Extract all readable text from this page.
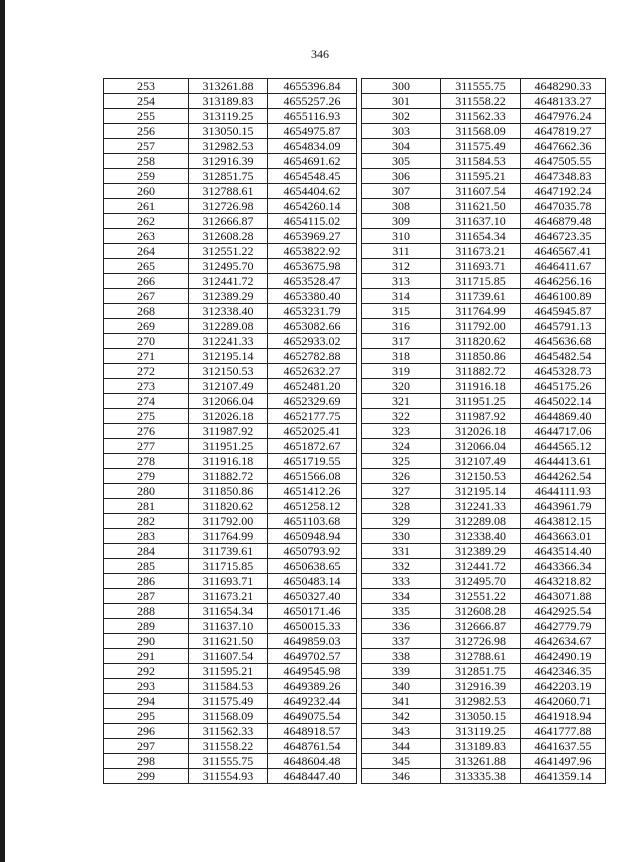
346
253	313261.88	4655396.84		300	311555.75	4648290.33
254	313189.83	4655257.26		301	311558.22	4648133.27
255	313119.25	4655116.93		302	311562.33	4647976.24
256	313050.15	4654975.87		303	311568.09	4647819.27
257	312982.53	4654834.09		304	311575.49	4647662.36
258	312916.39	4654691.62		305	311584.53	4647505.55
259	312851.75	4654548.45		306	311595.21	4647348.83
260	312788.61	4654404.62		307	311607.54	4647192.24
261	312726.98	4654260.14		308	311621.50	4647035.78
262	312666.87	4654115.02		309	311637.10	4646879.48
263	312608.28	4653969.27		310	311654.34	4646723.35
264	312551.22	4653822.92		311	311673.21	4646567.41
265	312495.70	4653675.98		312	311693.71	4646411.67
266	312441.72	4653528.47		313	311715.85	4646256.16
267	312389.29	4653380.40		314	311739.61	4646100.89
268	312338.40	4653231.79		315	311764.99	4645945.87
269	312289.08	4653082.66		316	311792.00	4645791.13
270	312241.33	4652933.02		317	311820.62	4645636.68
271	312195.14	4652782.88		318	311850.86	4645482.54
272	312150.53	4652632.27		319	311882.72	4645328.73
273	312107.49	4652481.20		320	311916.18	4645175.26
274	312066.04	4652329.69		321	311951.25	4645022.14
275	312026.18	4652177.75		322	311987.92	4644869.40
276	311987.92	4652025.41		323	312026.18	4644717.06
277	311951.25	4651872.67		324	312066.04	4644565.12
278	311916.18	4651719.55		325	312107.49	4644413.61
279	311882.72	4651566.08		326	312150.53	4644262.54
280	311850.86	4651412.26		327	312195.14	4644111.93
281	311820.62	4651258.12		328	312241.33	4643961.79
282	311792.00	4651103.68		329	312289.08	4643812.15
283	311764.99	4650948.94		330	312338.40	4643663.01
284	311739.61	4650793.92		331	312389.29	4643514.40
285	311715.85	4650638.65		332	312441.72	4643366.34
286	311693.71	4650483.14		333	312495.70	4643218.82
287	311673.21	4650327.40		334	312551.22	4643071.88
288	311654.34	4650171.46		335	312608.28	4642925.54
289	311637.10	4650015.33		336	312666.87	4642779.79
290	311621.50	4649859.03		337	312726.98	4642634.67
291	311607.54	4649702.57		338	312788.61	4642490.19
292	311595.21	4649545.98		339	312851.75	4642346.35
293	311584.53	4649389.26		340	312916.39	4642203.19
294	311575.49	4649232.44		341	312982.53	4642060.71
295	311568.09	4649075.54		342	313050.15	4641918.94
296	311562.33	4648918.57		343	313119.25	4641777.88
297	311558.22	4648761.54		344	313189.83	4641637.55
298	311555.75	4648604.48		345	313261.88	4641497.96
299	311554.93	4648447.40		346	313335.38	4641359.14
